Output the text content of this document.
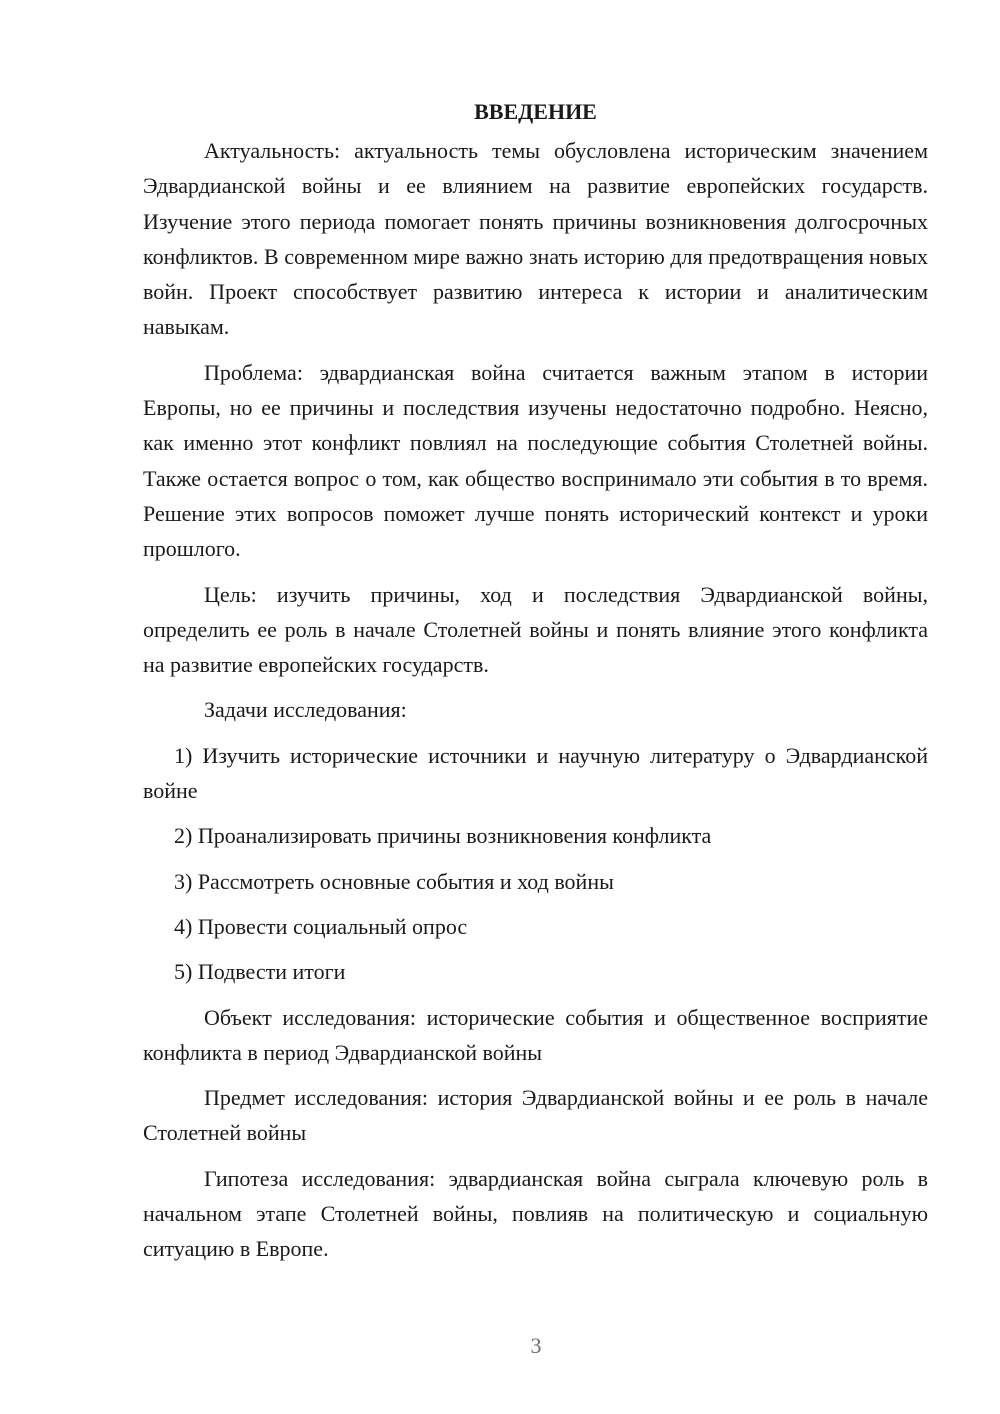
ВВЕДЕНИЕ

Актуальность: актуальность темы обусловлена историческим значением Эдвардианской войны и ее влиянием на развитие европейских государств. Изучение этого периода помогает понять причины возникновения долгосрочных конфликтов. В современном мире важно знать историю для предотвращения новых войн. Проект способствует развитию интереса к истории и аналитическим навыкам.

Проблема: эдвардианская война считается важным этапом в истории Европы, но ее причины и последствия изучены недостаточно подробно. Неясно, как именно этот конфликт повлиял на последующие события Столетней войны. Также остается вопрос о том, как общество воспринимало эти события в то время. Решение этих вопросов поможет лучше понять исторический контекст и уроки прошлого.

Цель: изучить причины, ход и последствия Эдвардианской войны, определить ее роль в начале Столетней войны и понять влияние этого конфликта на развитие европейских государств.

Задачи исследования:

1) Изучить исторические источники и научную литературу о Эдвардианской войне

2) Проанализировать причины возникновения конфликта

3) Рассмотреть основные события и ход войны

4) Провести социальный опрос

5) Подвести итоги

Объект исследования: исторические события и общественное восприятие конфликта в период Эдвардианской войны

Предмет исследования: история Эдвардианской войны и ее роль в начале Столетней войны

Гипотеза исследования: эдвардианская война сыграла ключевую роль в начальном этапе Столетней войны, повлияв на политическую и социальную ситуацию в Европе.

3
